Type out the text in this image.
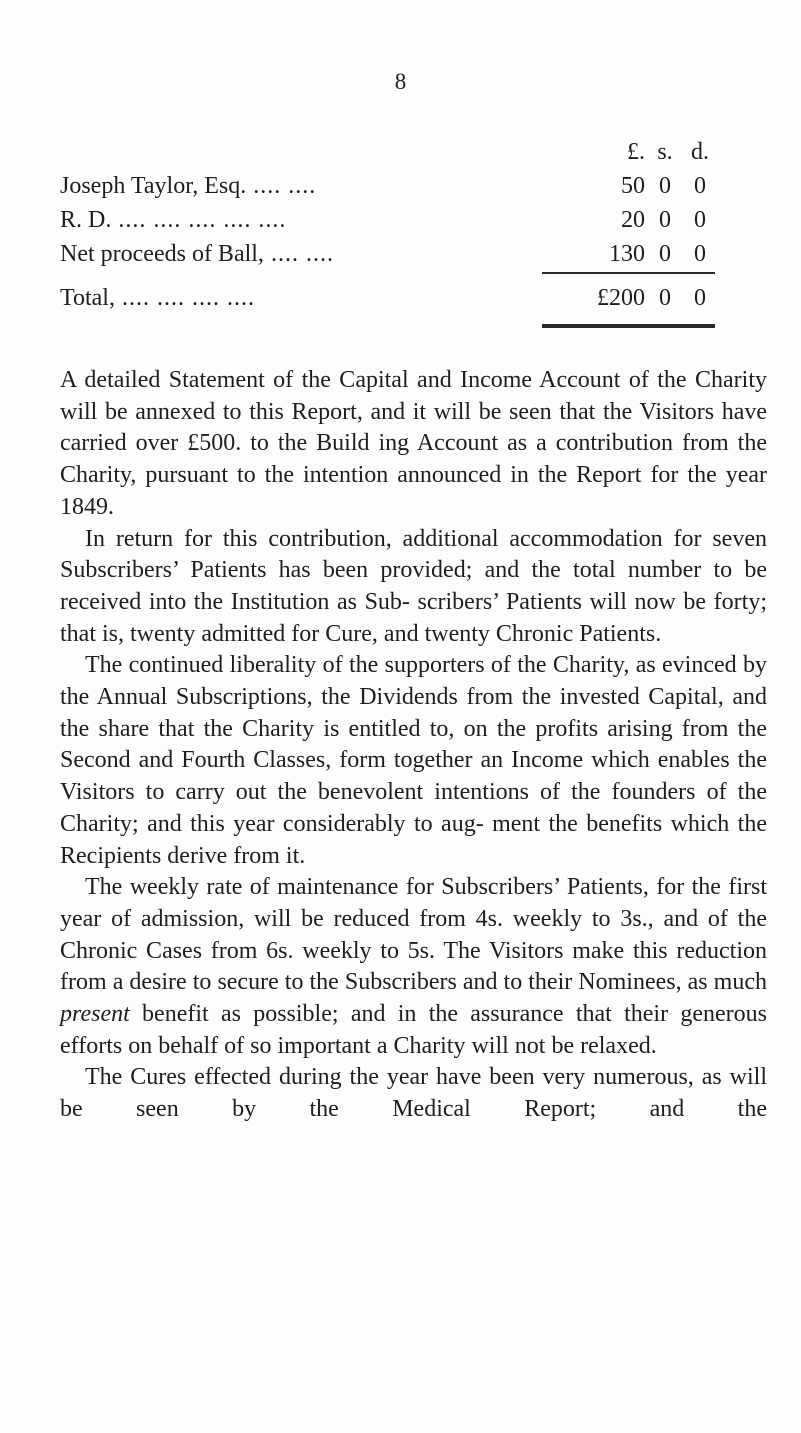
8
£. s. d.
Joseph Taylor, Esq. .... ....	50 0 0
R. D. .... .... .... .... ....	20 0 0
Net proceeds of Ball, .... ....	130 0 0
Total, .... .... .... ....	£200 0 0

A detailed Statement of the Capital and Income Account of the Charity will be annexed to this Report, and it will be seen that the Visitors have carried over £500. to the Build ing Account as a contribution from the Charity, pursuant to the intention announced in the Report for the year 1849.

In return for this contribution, additional accommodation for seven Subscribers’ Patients has been provided; and the total number to be received into the Institution as Sub- scribers’ Patients will now be forty; that is, twenty admitted for Cure, and twenty Chronic Patients.

The continued liberality of the supporters of the Charity, as evinced by the Annual Subscriptions, the Dividends from the invested Capital, and the share that the Charity is entitled to, on the profits arising from the Second and Fourth Classes, form together an Income which enables the Visitors to carry out the benevolent intentions of the founders of the Charity; and this year considerably to aug- ment the benefits which the Recipients derive from it.

The weekly rate of maintenance for Subscribers’ Patients, for the first year of admission, will be reduced from 4s. weekly to 3s., and of the Chronic Cases from 6s. weekly to 5s. The Visitors make this reduction from a desire to secure to the Subscribers and to their Nominees, as much present benefit as possible; and in the assurance that their generous efforts on behalf of so important a Charity will not be relaxed.

The Cures effected during the year have been very numerous, as will be seen by the Medical Report; and the
